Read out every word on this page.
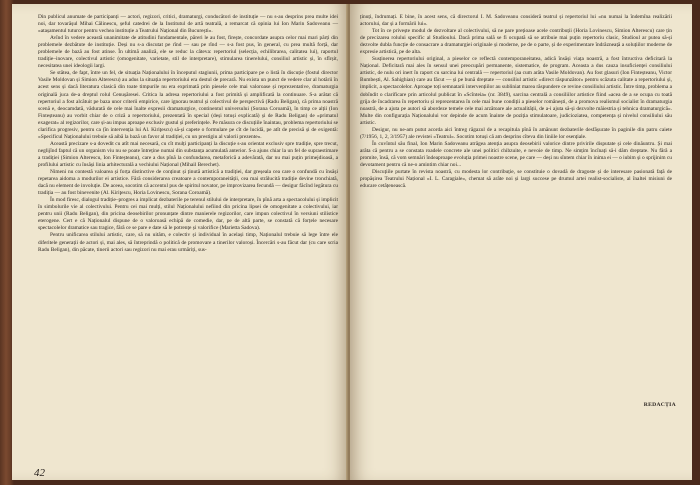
Din publicul anumate de participanți — actori, regizori, critici, dramaturgi, conducători de instituție — nu s-au desprins prea multe idei noi, dar tovarășul Mihai Călinescu, șeful catedrei de la Institutul de artă teatrală, a remarcat că opinia lui Ion Marin Sadoveanu — «atașamentul tuturor pentru vechea instituție a Teatrului Național din București».

Avînd în vedere această unanimitate de atitudini fundamentale, păreri le au fost, firește, concordate asupra celor mai mari părți din problemele dezbătute de instituție. Deși nu s-a discutat pe rînd — sau pe rînd — s-a fost pus, în general, cu prea multă forță, dar problemele de bază au fost atinse. În ultimă analiză, ele se reduc la câteva: repertoriul (selecția, echilibrarea, calitatea lui), raportul tradiție–inovare, colectivul artistic (omogenitate, varietate, stil de interpretare), stimularea tinerelului, consiliul artistic și, în sfîrșit, necesitatea unei ideologii largi.

Se stătea, de fapt, între un fel, de situația Naționalului în începutul stagiunii, prima participare pe o listă în discuție (fostul director Vasile Moldovan și Simion Alterescu) au adus la situația repertoriului era destul de precară. Nu exista un punct de vedere clar al hotării în acest sens și dacă literatura clasică din toate timpurile nu era exprimată prin piesele cele mai valoroase și reprezentative, dramaturgia originală juca de-a dreptul rolul Cenușăresei. Critica la adresa repertoriului a fost primită și amplificată la continuare. S-a arătat că repertoriul a fost alcătuit pe baza unor criterii empirice, care ignorau teatrul și colectivul de perspectivă (Radu Beligan), că prima noastră scenă e, deocamdată, vădurată de cele mai înalte expresii dramaturgice, continentul universului (Sorana Coroamă), în timp ce alții (Ion Finteșteanu) au vorbit chiar de o criză a repertoriului, prezentată în special (deși totuși explicată) și de Radu Beligan) de «primatul exagerat» al regizorilor, care și-au impus aproape exclusiv gustul și preferințele. Pe măsura ce discuțiile înaintau, problema repertoriului se clarifica progresiv, pentru ca (în intervenția lui Al. Kiriţescu) să-și capete o formulare pe cît de lucidă, pe atît de precisă și de exigentă: «Specificul Naționalului trebuie să aibă la bază un favor al tradiției, cu un prestigiu al valorii prezente».

Această precizare s-a dovedit cu atît mai necesară, cu cît mulți participanți la discuție s-au orientat exclusiv spre tradiție, spre trecut, neglijînd faptul că un organism viu nu se poate întreține numai din substanța acumulată anterior. S-a ajuns chiar la un fel de supraestimare a tradiției (Simion Alterescu, Ion Finteșteanu), care a dus pînă la confundarea, metaforică a adevărată, dar nu mai puțin primejdioasă, a profilului artistic cu însăși linia arhitecturală a vechiului Național (Mihail Berechet).

Nimeni nu contestă valoarea și forța distinctive de conținut și ținută artistică a tradiției, dar greșeala cea care o confundă cu însăși repetarea aidoma a modurilor ei artistice. Fără considerarea creatoare a contemporaneității, cea mai strălucită tradiție devine tronchiată, dacă nu element de involuție. De aceea, socotim că accentul pus de spiritul novator, pe improvizarea fecundă — desigur făcînd legătura cu tradiția — au fost binevenite (Al. Kiriţescu, Horia Lovinescu, Sorana Coroamă).

În mod firesc, dialogul tradiție–progres a implicat dezbaterile pe terenul stilului de interpretare, în pînă arta a spectacolului și implicit în simbolurile vie al colectivului. Pentru cei mai mulți, stilul Naționalului nefiind din pricina lipsei de omogenitate a colectivului, iar pentru unii (Radu Beligan), din pricina deosebirilor pronunțate dintre manierele regizorilor, care impun colectivul în versiuni stilistice eterogene. Cert e că Naționalul dispune de o valoroasă echipă de comedie, dar, pe de altă parte, se constată că forțele necesare spectacolelor dramatice sau tragice, fără ce se pare e date să le potrențe și valorifice (Marietta Sadova).

Pentru unificarea stilului artistic, care, să nu uităm, e colectiv și individual în același timp, Naționalul trebuie să lege între ele diferitele generații de actori și, mai ales, să întreprindă o politică de promovare a tinerilor valoroși. Încercări s-au făcut dar (cu care scria Radu Beligan), din păcate, tinerii actori sau regizori nu mai erau urmăriți, sus-

42

ținuți, îndrumați. E bine, în acest sens, că directorul I. M. Sadoveanu consideră teatrul și repertoriul lui «nu numai la îndemîna realizării actorului, dar și a formării lui».

Tot în ce privește modul de dezvoltare al colectivului, să ne pare prețioase acele contribuții (Horia Lovinescu, Simion Alterescu) care țin de precizarea rolului specific al Studioului. Dacă prima sală se fi ocupată să se atribuie mai puțin repertoriu clasic, Studioul ar putea să-și dezvolte dubla funcție de consacrare a dramaturgiei originale și moderne, pe de o parte, și de experimentare îndrăzneață a soluțiilor moderne de expresie artistică, pe de alta.

Susținerea repertoriului original, a pieselor ce reflectă contemporaneitatea, adică însăși viața noastră, a fost întructiva deficitară la Național. Deficitară mai ales în sensul unei preocupări permanente, sistematice, de program. Aceasta a dus cauza insuficienței consiliului artistic, de nulu ori inert în raport cu sarcina lui centrală — repertoriul (aa cum arăta Vasile Moldovan). Au fost glasuri (Ion Finteșteanu, Victor Bumbești, Al. Sahighian) care au făcut — și pe bună dreptate — consiliul artistic «direct răspunzător» pentru scăzuta calitate a repertoriului și, implicit, a spectacolelor. Aproape toți semnatarii intervențiilor au subliniat marea răspundere ce revine consiliului artistic. Între timp, problema a dobîndit o clarificare prin articolul publicat în «Scînteia» (nr. 3849), sarcina centrală a consiliilor artistice fiind «acea de a se ocupa cu toată grija de încadrarea în repertoriu și reprezentarea în cele mai bune condiții a pieselor românești, de a promova realismul socialist în dramaturgia noastră, de a ajuta pe autori să abordeze temele cele mai arzătoare ale actualității, de a-i ajuta să-și dezvolte măiestria și tehnica dramaturgică». Multe din configurația Naționalului vor depinde de acum înainte de poziția stimulatoare, judicioziatea, competența și nivelul consiliului său artistic.

Desigur, nu ne-am putut acorda aici întreg răgazul de a recapitula pînă în amănunt dezbaterile desfășurate în paginile din patru caiete (7/1956, 1, 2, 3/1957) ale revistei «Teatrul». Socotim totuși că am desprins cîteva din liniile lor esențiale.

În cuvîntul său final, Ion Marin Sadoveanu atrăgea atenția asupra deosebirii valorice dintre privirile disputate și cele dinăuntru. Și mai arăta că pentru a se constata roadele concrete ale unei politici chibzuite, e nevoie de timp. Ne simțim încînați să-i dăm dreptate. Nu fără a promite, însă, că vom semnări îndeaproape evoluția primei noastre scene, pe care — deși nu sîntem chiar în inima ei — o iubim și o sprijinim cu devotament pentru că ne-o amintim chiar noi...

Discuțiile purtate în revista noastră, cu modesta lor contribuție, se constituie o dovadă de dragoste și de interesare pasionată față de propășirea Teatrului Național «I. L. Caragiale», chemat să arăte noi și largi succese pe drumul artei realist-socialiste, al înaltei misiuni de educare cetățenească.

REDACȚIA
